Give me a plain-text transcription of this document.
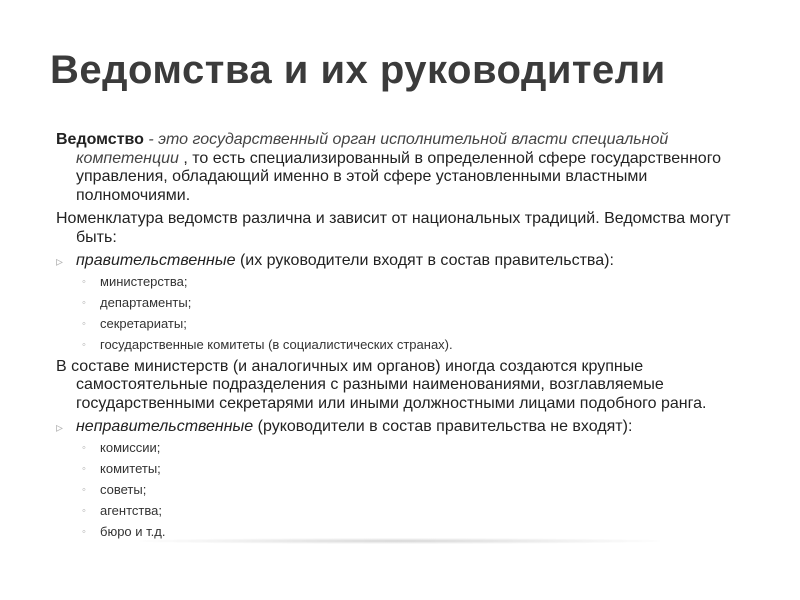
Ведомства и их руководители
Ведомство - это государственный орган исполнительной власти специальной компетенции , то есть специализированный в определенной сфере государственного управления, обладающий именно в этой сфере установленными властными полномочиями.
Номенклатура ведомств различна и зависит от национальных традиций. Ведомства могут быть:
▹ правительственные (их руководители входят в состав правительства):
◦ министерства;
◦ департаменты;
◦ секретариаты;
◦ государственные комитеты (в социалистических странах).
В составе министерств (и аналогичных им органов) иногда создаются крупные самостоятельные подразделения с разными наименованиями, возглавляемые государственными секретарями или иными должностными лицами подобного ранга.
▹ неправительственные (руководители в состав правительства не входят):
◦ комиссии;
◦ комитеты;
◦ советы;
◦ агентства;
◦ бюро и т.д.
